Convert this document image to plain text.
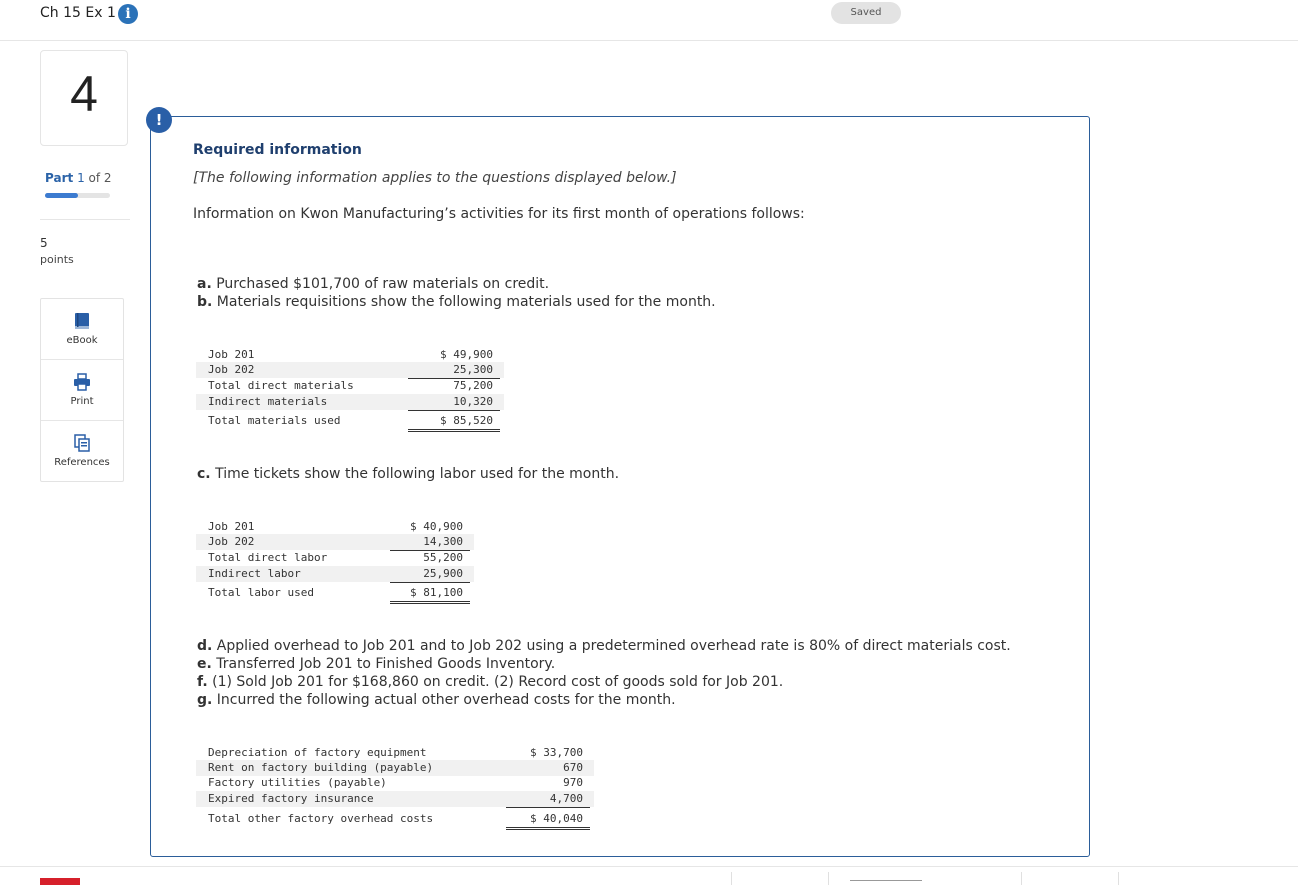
Ch 15 Ex 1 i	Saved
4
Part 1 of 2
5
points
eBook
Print
References
!
Required information
[The following information applies to the questions displayed below.]
Information on Kwon Manufacturing’s activities for its first month of operations follows:
a. Purchased $101,700 of raw materials on credit.
b. Materials requisitions show the following materials used for the month.
Job 201	$ 49,900
Job 202	25,300
Total direct materials	75,200
Indirect materials	10,320
Total materials used	$ 85,520
c. Time tickets show the following labor used for the month.
Job 201	$ 40,900
Job 202	14,300
Total direct labor	55,200
Indirect labor	25,900
Total labor used	$ 81,100
d. Applied overhead to Job 201 and to Job 202 using a predetermined overhead rate is 80% of direct materials cost.
e. Transferred Job 201 to Finished Goods Inventory.
f. (1) Sold Job 201 for $168,860 on credit. (2) Record cost of goods sold for Job 201.
g. Incurred the following actual other overhead costs for the month.
Depreciation of factory equipment	$ 33,700
Rent on factory building (payable)	670
Factory utilities (payable)	970
Expired factory insurance	4,700
Total other factory overhead costs	$ 40,040
